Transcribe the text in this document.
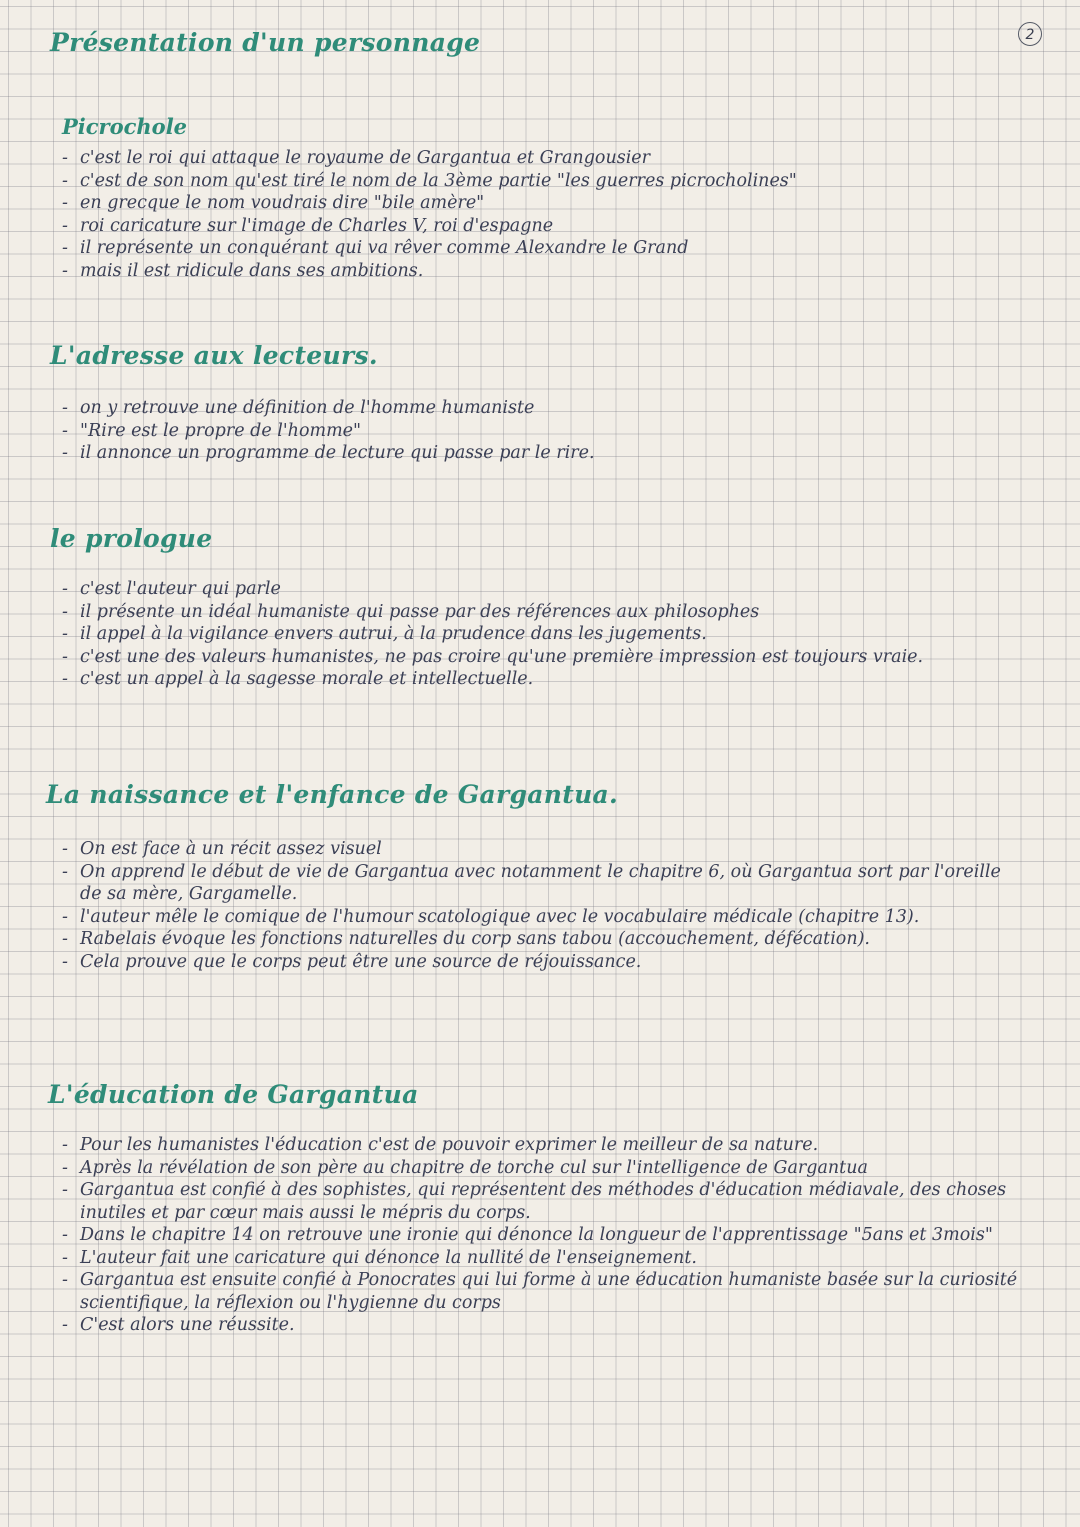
2
Présentation d'un personnage
Picrochole
- c'est le roi qui attaque le royaume de Gargantua et Grangousier
- c'est de son nom qu'est tiré le nom de la 3ème partie "les guerres picrocholines"
- en grecque le nom voudrais dire "bile amère"
- roi caricature sur l'image de Charles V, roi d'espagne
- il représente un conquérant qui va rêver comme Alexandre le Grand
- mais il est ridicule dans ses ambitions.
L'adresse aux lecteurs.
- on y retrouve une définition de l'homme humaniste
- "Rire est le propre de l'homme"
- il annonce un programme de lecture qui passe par le rire.
le prologue
- c'est l'auteur qui parle
- il présente un idéal humaniste qui passe par des références aux philosophes
- il appel à la vigilance envers autrui, à la prudence dans les jugements.
- c'est une des valeurs humanistes, ne pas croire qu'une première impression est toujours vraie.
- c'est un appel à la sagesse morale et intellectuelle.
La naissance et l'enfance de Gargantua.
- On est face à un récit assez visuel
- On apprend le début de vie de Gargantua avec notamment le chapitre 6, où Gargantua sort par l'oreille de sa mère, Gargamelle.
- l'auteur mêle le comique de l'humour scatologique avec le vocabulaire médicale (chapitre 13).
- Rabelais évoque les fonctions naturelles du corp sans tabou (accouchement, défécation).
- Cela prouve que le corps peut être une source de réjouissance.
L'éducation de Gargantua
- Pour les humanistes l'éducation c'est de pouvoir exprimer le meilleur de sa nature.
- Après la révélation de son père au chapitre de torche cul sur l'intelligence de Gargantua
- Gargantua est confié à des sophistes, qui représentent des méthodes d'éducation médiavale, des choses inutiles et par cœur mais aussi le mépris du corps.
- Dans le chapitre 14 on retrouve une ironie qui dénonce la longueur de l'apprentissage "5ans et 3mois"
- L'auteur fait une caricature qui dénonce la nullité de l'enseignement.
- Gargantua est ensuite confié à Ponocrates qui lui forme à une éducation humaniste basée sur la curiosité scientifique, la réflexion ou l'hygienne du corps
- C'est alors une réussite.
